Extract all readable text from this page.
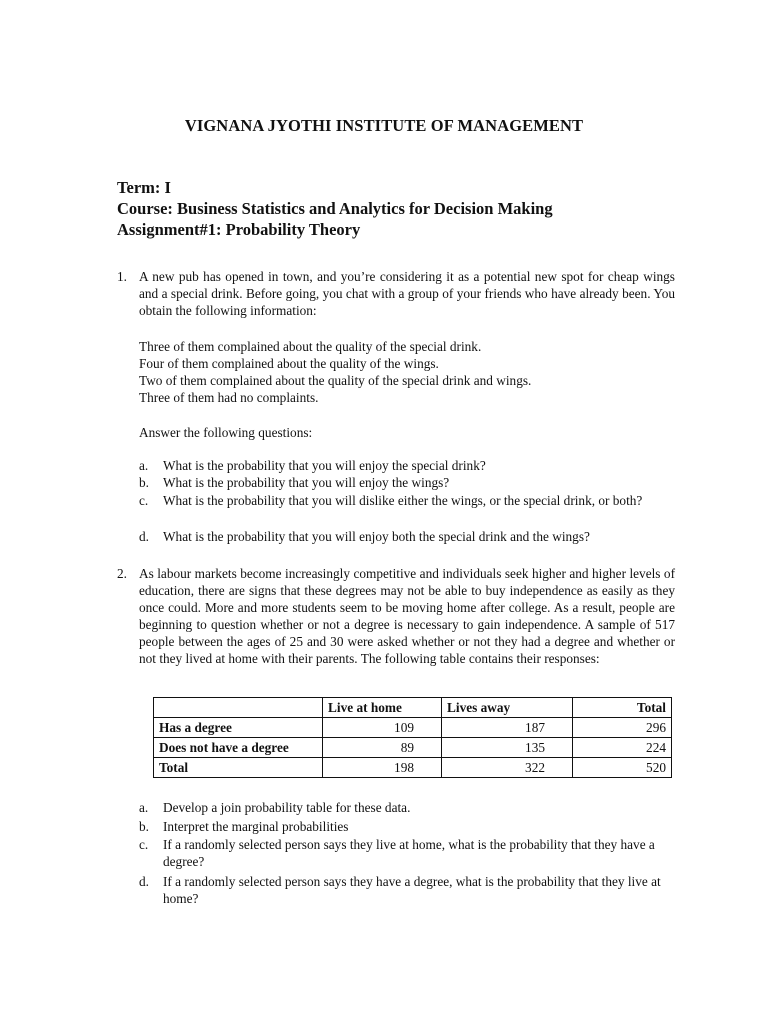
VIGNANA JYOTHI INSTITUTE OF MANAGEMENT
Term: I
Course: Business Statistics and Analytics for Decision Making
Assignment#1: Probability Theory
1. A new pub has opened in town, and you’re considering it as a potential new spot for cheap wings and a special drink. Before going, you chat with a group of your friends who have already been. You obtain the following information:
Three of them complained about the quality of the special drink.
Four of them complained about the quality of the wings.
Two of them complained about the quality of the special drink and wings.
Three of them had no complaints.
Answer the following questions:
a. What is the probability that you will enjoy the special drink?
b. What is the probability that you will enjoy the wings?
c. What is the probability that you will dislike either the wings, or the special drink, or both?
d. What is the probability that you will enjoy both the special drink and the wings?
2. As labour markets become increasingly competitive and individuals seek higher and higher levels of education, there are signs that these degrees may not be able to buy independence as easily as they once could. More and more students seem to be moving home after college. As a result, people are beginning to question whether or not a degree is necessary to gain independence. A sample of 517 people between the ages of 25 and 30 were asked whether or not they had a degree and whether or not they lived at home with their parents. The following table contains their responses:
	Live at home	Lives away	Total
Has a degree	109	187	296
Does not have a degree	89	135	224
Total	198	322	520
a. Develop a join probability table for these data.
b. Interpret the marginal probabilities
c. If a randomly selected person says they live at home, what is the probability that they have a degree?
d. If a randomly selected person says they have a degree, what is the probability that they live at home?
